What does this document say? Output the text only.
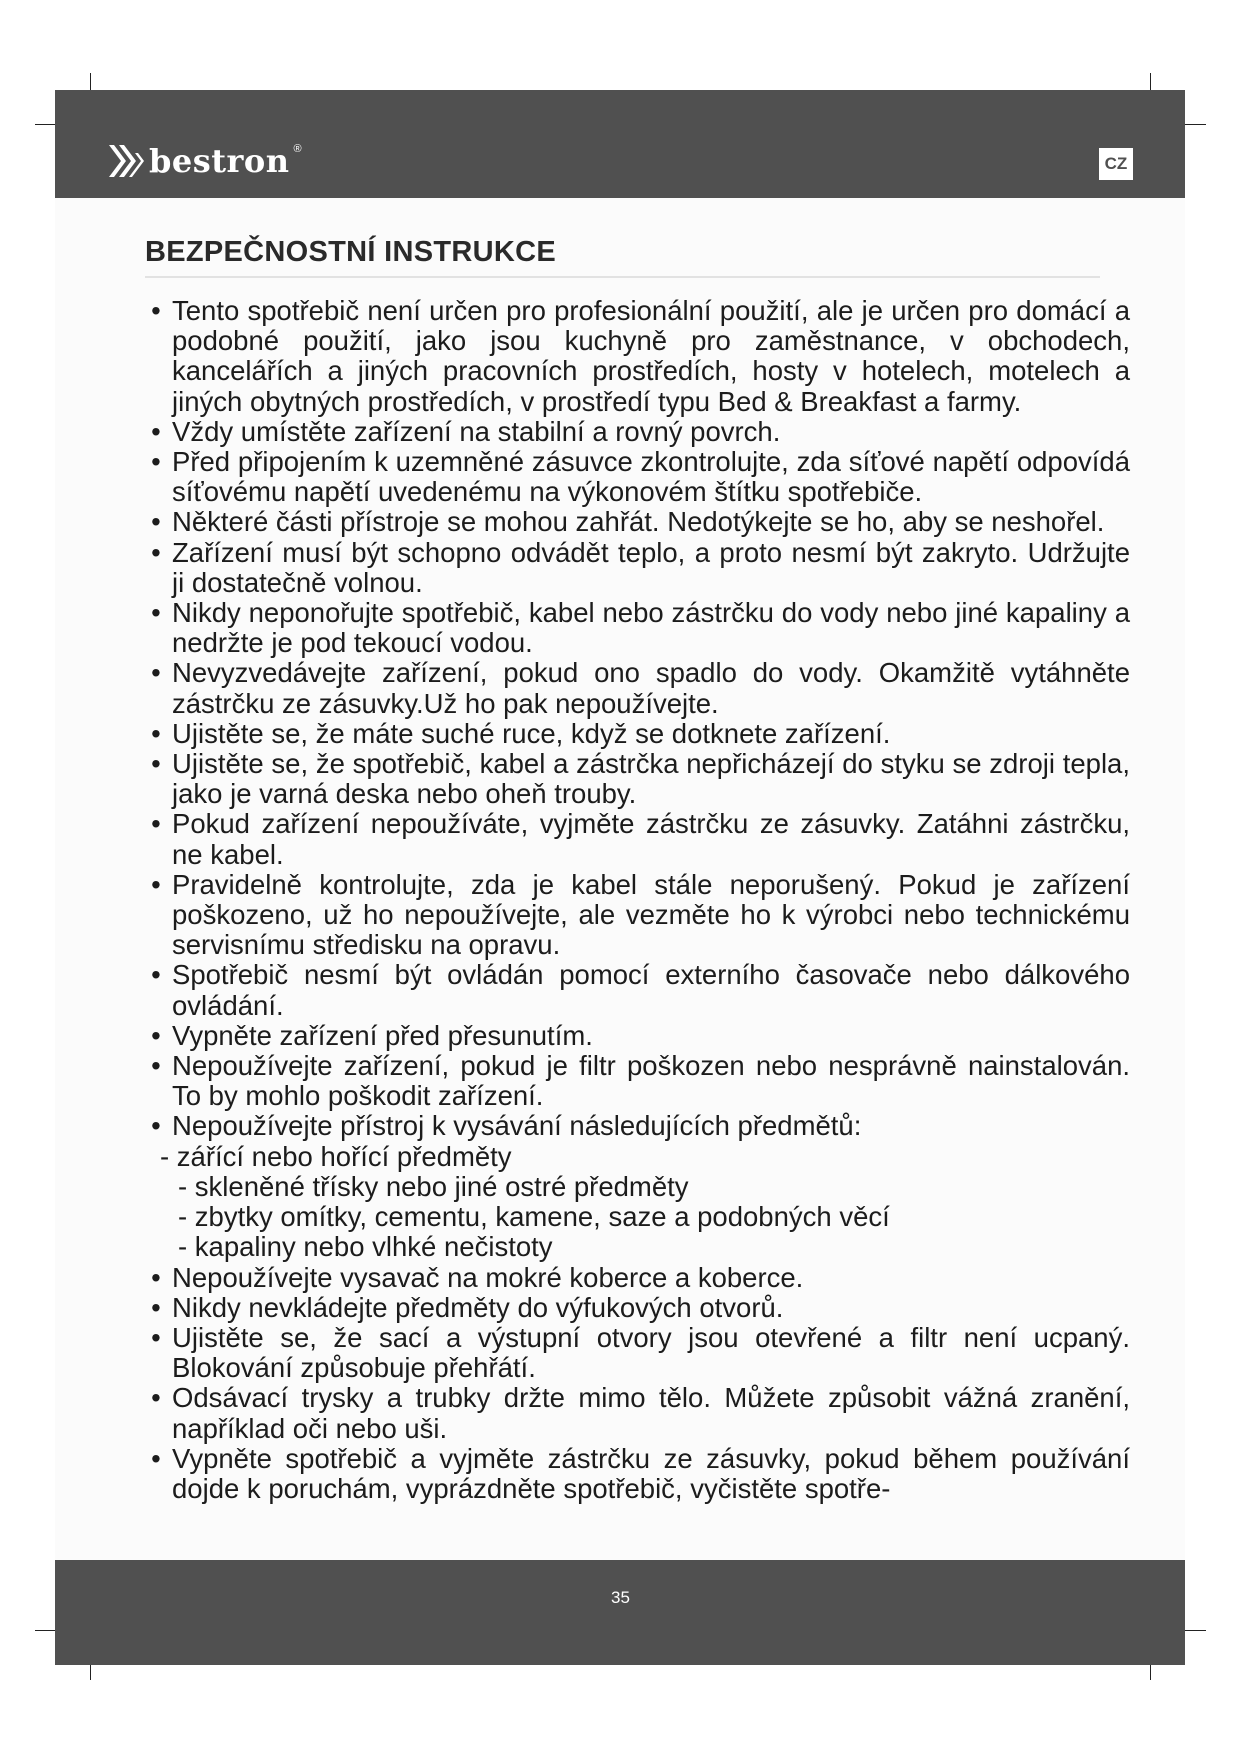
bestron ®
CZ
BEZPEČNOSTNÍ INSTRUKCE
• Tento spotřebič není určen pro profesionální použití, ale je určen pro domácí a podobné použití, jako jsou kuchyně pro zaměstnance, v obchodech, kancelářích a jiných pracovních prostředích, hosty v hotelech, motelech a jiných obytných prostředích, v prostředí typu Bed & Breakfast a farmy.
• Vždy umístěte zařízení na stabilní a rovný povrch.
• Před připojením k uzemněné zásuvce zkontrolujte, zda síťové napětí odpovídá síťovému napětí uvedenému na výkonovém štítku spotřebiče.
• Některé části přístroje se mohou zahřát. Nedotýkejte se ho, aby se neshořel.
• Zařízení musí být schopno odvádět teplo, a proto nesmí být zakryto. Udržujte ji dostatečně volnou.
• Nikdy neponořujte spotřebič, kabel nebo zástrčku do vody nebo jiné kapaliny a nedržte je pod tekoucí vodou.
• Nevyzvedávejte zařízení, pokud ono spadlo do vody. Okamžitě vytáhněte zástrčku ze zásuvky.Už ho pak nepoužívejte.
• Ujistěte se, že máte suché ruce, když se dotknete zařízení.
• Ujistěte se, že spotřebič, kabel a zástrčka nepřicházejí do styku se zdroji tepla, jako je varná deska nebo oheň trouby.
• Pokud zařízení nepoužíváte, vyjměte zástrčku ze zásuvky. Zatáhni zástrčku, ne kabel.
• Pravidelně kontrolujte, zda je kabel stále neporušený. Pokud je zařízení poškozeno, už ho nepoužívejte, ale vezměte ho k výrobci nebo technickému servisnímu středisku na opravu.
• Spotřebič nesmí být ovládán pomocí externího časovače nebo dálkového ovládání.
• Vypněte zařízení před přesunutím.
• Nepoužívejte zařízení, pokud je filtr poškozen nebo nesprávně nainstalován. To by mohlo poškodit zařízení.
• Nepoužívejte přístroj k vysávání následujících předmětů:
- zářící nebo hořící předměty
- skleněné třísky nebo jiné ostré předměty
- zbytky omítky, cementu, kamene, saze a podobných věcí
- kapaliny nebo vlhké nečistoty
• Nepoužívejte vysavač na mokré koberce a koberce.
• Nikdy nevkládejte předměty do výfukových otvorů.
• Ujistěte se, že sací a výstupní otvory jsou otevřené a filtr není ucpaný. Blokování způsobuje přehřátí.
• Odsávací trysky a trubky držte mimo tělo. Můžete způsobit vážná zranění, například oči nebo uši.
• Vypněte spotřebič a vyjměte zástrčku ze zásuvky, pokud během používání dojde k poruchám, vyprázdněte spotřebič, vyčistěte spotře-
35
